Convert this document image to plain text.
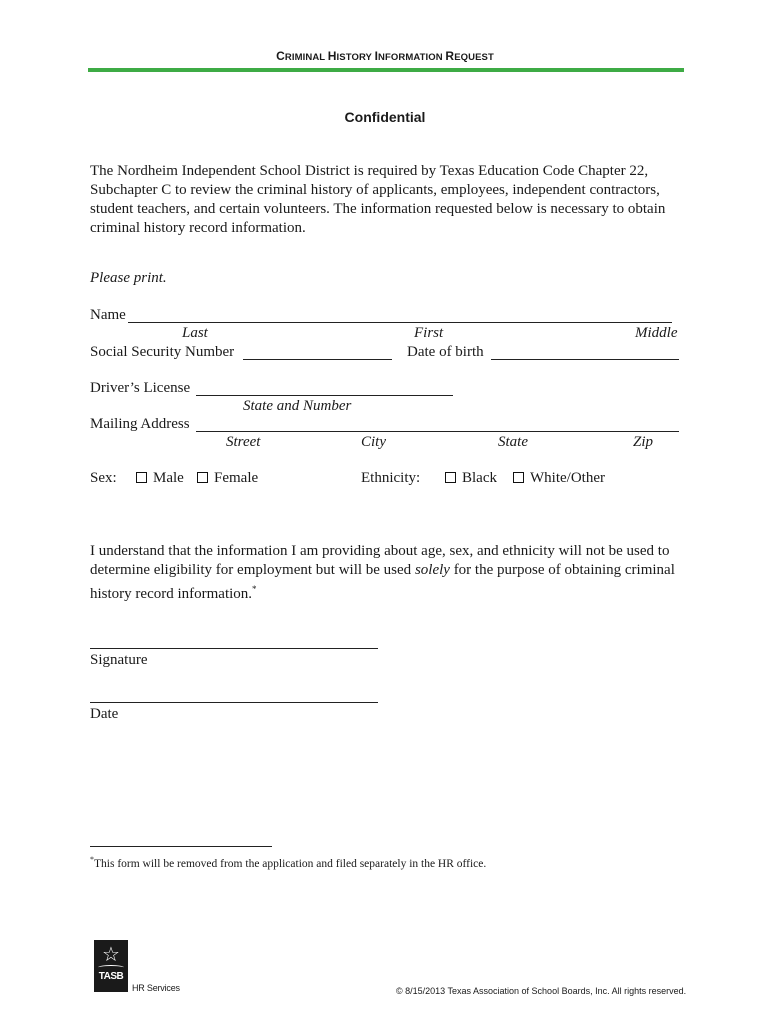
CRIMINAL HISTORY INFORMATION REQUEST
Confidential
The Nordheim Independent School District is required by Texas Education Code Chapter 22,
Subchapter C to review the criminal history of applicants, employees, independent contractors,
student teachers, and certain volunteers. The information requested below is necessary to obtain
criminal history record information.
Please print.
Name
Last	First	Middle
Social Security Number	Date of birth
Driver’s License
State and Number
Mailing Address
Street	City	State	Zip
Sex:	Male	Female	Ethnicity:	Black	White/Other
I understand that the information I am providing about age, sex, and ethnicity will not be used to
determine eligibility for employment but will be used solely for the purpose of obtaining criminal
history record information.*
Signature
Date
*This form will be removed from the application and filed separately in the HR office.
☆
TASB
HR Services	© 8/15/2013 Texas Association of School Boards, Inc. All rights reserved.
